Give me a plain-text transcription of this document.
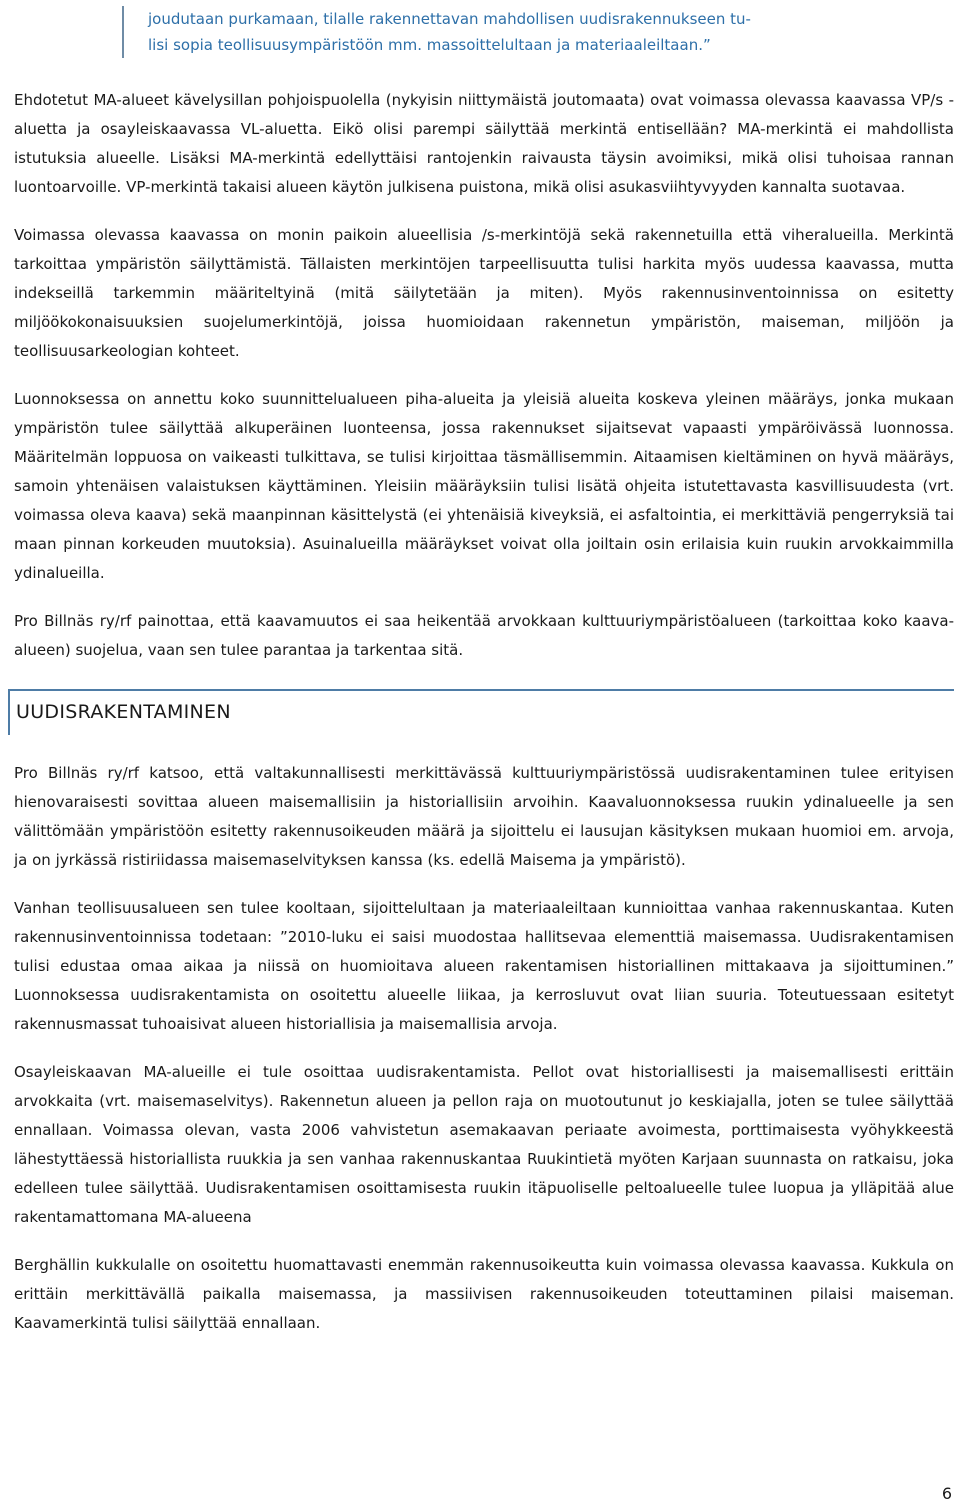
joudutaan purkamaan, tilalle rakennettavan mahdollisen uudisrakennukseen tu-

lisi sopia teollisuusympäristöön mm. massoittelultaan ja materiaaleiltaan.”

Ehdotetut MA-alueet kävelysillan pohjoispuolella (nykyisin niittymäistä joutomaata) ovat voimassa olevassa kaavassa VP/s -aluetta ja osayleiskaavassa VL-aluetta. Eikö olisi parempi säilyttää merkintä entisellään? MA-merkintä ei mahdollista istutuksia alueelle. Lisäksi MA-merkintä edellyttäisi rantojenkin raivausta täysin avoimiksi, mikä olisi tuhoisaa rannan luontoarvoille. VP-merkintä takaisi alueen käytön julkisena puistona, mikä olisi asukasviihtyvyyden kannalta suotavaa.

Voimassa olevassa kaavassa on monin paikoin alueellisia /s-merkintöjä sekä rakennetuilla että viheralueilla. Merkintä tarkoittaa ympäristön säilyttämistä. Tällaisten merkintöjen tarpeellisuutta tulisi harkita myös uudessa kaavassa, mutta indekseillä tarkemmin määriteltyinä (mitä säilytetään ja miten). Myös rakennusinventoinnissa on esitetty miljöökokonaisuuksien suojelumerkintöjä, joissa huomioidaan rakennetun ympäristön, maiseman, miljöön ja teollisuusarkeologian kohteet.

Luonnoksessa on annettu koko suunnittelualueen piha-alueita ja yleisiä alueita koskeva yleinen määräys, jonka mukaan ympäristön tulee säilyttää alkuperäinen luonteensa, jossa rakennukset sijaitsevat vapaasti ympäröivässä luonnossa. Määritelmän loppuosa on vaikeasti tulkittava, se tulisi kirjoittaa täsmällisemmin. Aitaamisen kieltäminen on hyvä määräys, samoin yhtenäisen valaistuksen käyttäminen. Yleisiin määräyksiin tulisi lisätä ohjeita istutettavasta kasvillisuudesta (vrt. voimassa oleva kaava) sekä maanpinnan käsittelystä (ei yhtenäisiä kiveyksiä, ei asfaltointia, ei merkittäviä pengerryksiä tai maan pinnan korkeuden muutoksia). Asuinalueilla määräykset voivat olla joiltain osin erilaisia kuin ruukin arvokkaimmilla ydinalueilla.

Pro Billnäs ry/rf painottaa, että kaavamuutos ei saa heikentää arvokkaan kulttuuriympäristöalueen (tarkoittaa koko kaava-alueen) suojelua, vaan sen tulee parantaa ja tarkentaa sitä.

UUDISRAKENTAMINEN

Pro Billnäs ry/rf katsoo, että valtakunnallisesti merkittävässä kulttuuriympäristössä uudisrakentaminen tulee erityisen hienovaraisesti sovittaa alueen maisemallisiin ja historiallisiin arvoihin. Kaavaluonnoksessa ruukin ydinalueelle ja sen välittömään ympäristöön esitetty rakennusoikeuden määrä ja sijoittelu ei lausujan käsityksen mukaan huomioi em. arvoja, ja on jyrkässä ristiriidassa maisemaselvityksen kanssa (ks. edellä Maisema ja ympäristö).

Vanhan teollisuusalueen sen tulee kooltaan, sijoittelultaan ja materiaaleiltaan kunnioittaa vanhaa rakennuskantaa. Kuten rakennusinventoinnissa todetaan: ”2010-luku ei saisi muodostaa hallitsevaa elementtiä maisemassa. Uudisrakentamisen tulisi edustaa omaa aikaa ja niissä on huomioitava alueen rakentamisen historiallinen mittakaava ja sijoittuminen.” Luonnoksessa uudisrakentamista on osoitettu alueelle liikaa, ja kerrosluvut ovat liian suuria. Toteutuessaan esitetyt rakennusmassat tuhoaisivat alueen historiallisia ja maisemallisia arvoja.

Osayleiskaavan MA-alueille ei tule osoittaa uudisrakentamista. Pellot ovat historiallisesti ja maisemallisesti erittäin arvokkaita (vrt. maisemaselvitys). Rakennetun alueen ja pellon raja on muotoutunut jo keskiajalla, joten se tulee säilyttää ennallaan. Voimassa olevan, vasta 2006 vahvistetun asemakaavan periaate avoimesta, porttimaisesta vyöhykkeestä lähestyttäessä historiallista ruukkia ja sen vanhaa rakennuskantaa Ruukintietä myöten Karjaan suunnasta on ratkaisu, joka edelleen tulee säilyttää. Uudisrakentamisen osoittamisesta ruukin itäpuoliselle peltoalueelle tulee luopua ja ylläpitää alue rakentamattomana MA-alueena

Berghällin kukkulalle on osoitettu huomattavasti enemmän rakennusoikeutta kuin voimassa olevassa kaavassa. Kukkula on erittäin merkittävällä paikalla maisemassa, ja massiivisen rakennusoikeuden toteuttaminen pilaisi maiseman. Kaavamerkintä tulisi säilyttää ennallaan.

6
